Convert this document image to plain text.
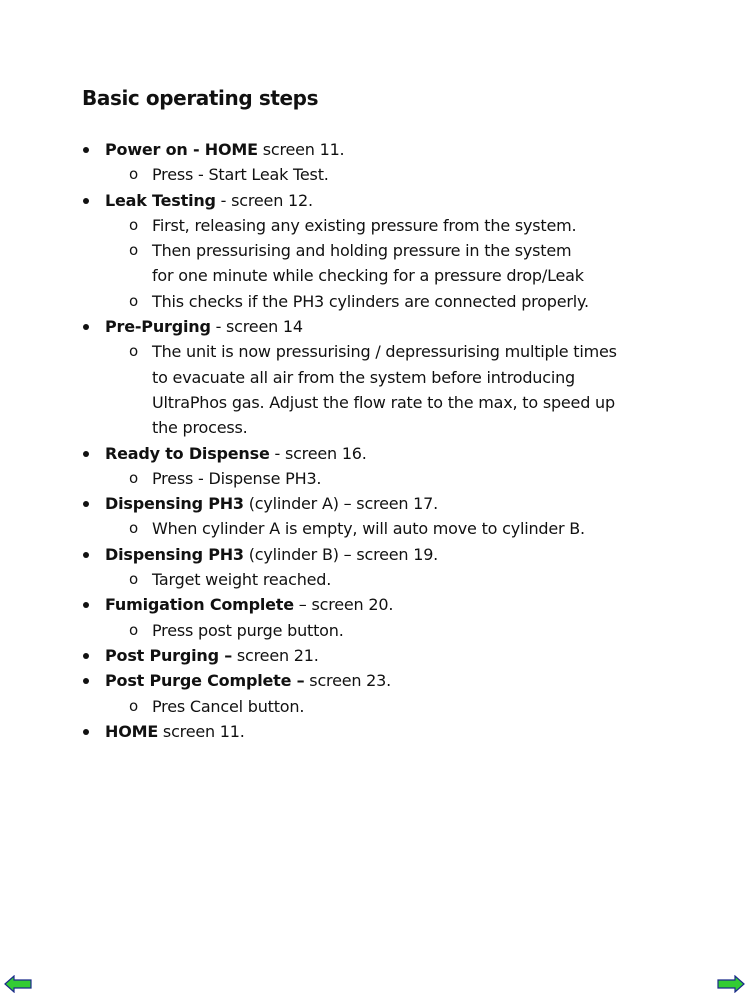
Basic operating steps
Power on - HOME screen 11.
Press - Start Leak Test.
Leak Testing - screen 12.
First, releasing any existing pressure from the system.
Then pressurising and holding pressure in the system
for one minute while checking for a pressure drop/Leak
This checks if the PH3 cylinders are connected properly.
Pre-Purging - screen 14
The unit is now pressurising / depressurising multiple times
to evacuate all air from the system before introducing
UltraPhos gas. Adjust the flow rate to the max, to speed up
the process.
Ready to Dispense - screen 16.
Press - Dispense PH3.
Dispensing PH3 (cylinder A) – screen 17.
When cylinder A is empty, will auto move to cylinder B.
Dispensing PH3 (cylinder B) – screen 19.
Target weight reached.
Fumigation Complete – screen 20.
Press post purge button.
Post Purging – screen 21.
Post Purge Complete – screen 23.
Pres Cancel button.
HOME screen 11.
